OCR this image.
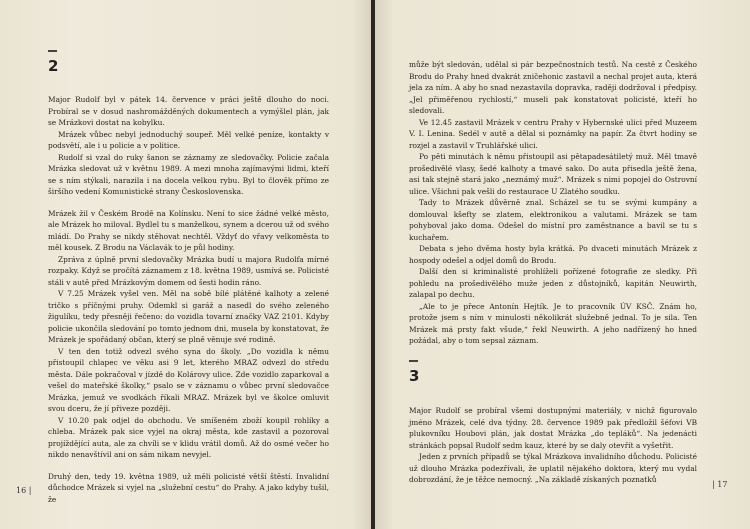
2

Major Rudolf byl v pátek 14. července v práci ještě dlouho do noci. Probíral se v dosud nashromážděných dokumentech a vymýšlel plán, jak se Mrázkovi dostat na kobylku.

Mrázek vůbec nebyl jednoduchý soupeř. Měl velké peníze, kontakty v podsvětí, ale i u policie a v politice.

Rudolf si vzal do ruky šanon se záznamy ze sledovačky. Policie začala Mrázka sledovat už v květnu 1989. A mezi mnoha zajímavými lidmi, kteří se s ním stýkali, narazila i na docela velkou rybu. Byl to člověk přímo ze širšího vedení Komunistické strany Československa.

Mrázek žil v Českém Brodě na Kolínsku. Není to sice žádné velké město, ale Mrázek ho miloval. Bydlel tu s manželkou, synem a dcerou už od svého mládí. Do Prahy se nikdy stěhovat nechtěl. Vždyť do vřavy velkoměsta to měl kousek. Z Brodu na Václavák to je půl hodiny.

Zpráva z úplně první sledovačky Mrázka budí u majora Rudolfa mírné rozpaky. Když se pročítá záznamem z 18. května 1989, usmívá se. Policisté stáli v autě před Mrázkovým domem od šesti hodin ráno.

V 7.25 Mrázek vyšel ven. Měl na sobě bílé plátěné kalhoty a zelené tričko s příčnými pruhy. Odemkl si garáž a nasedl do svého zeleného žigulíku, tedy přesněji řečeno: do vozidla tovarní značky VAZ 2101. Kdyby policie ukončila sledování po tomto jednom dni, musela by konstatovat, že Mrázek je spořádaný občan, který se plně věnuje své rodině.

V ten den totiž odvezl svého syna do školy. „Do vozidla k němu přistoupil chlapec ve věku asi 9 let, kterého MRAZ odvezl do středu města. Dále pokračoval v jízdě do Kolárovy ulice. Zde vozidlo zaparkoval a vešel do mateřské školky,“ psalo se v záznamu o vůbec první sledovačce Mrázka, jemuž ve svodkách říkali MRAZ. Mrázek byl ve školce omluvit svou dceru, že jí přiveze později.

V 10.20 pak odjel do obchodu. Ve smíšeném zboží koupil rohlíky a chleba. Mrázek pak sice vyjel na okraj města, kde zastavil a pozoroval projíždějící auta, ale za chvíli se v klidu vrátil domů. Až do osmé večer ho nikdo nenavštívil ani on sám nikam nevyjel.

Druhý den, tedy 19. května 1989, už měli policisté větší štěstí. Invalidní důchodce Mrázek si vyjel na „služební cestu“ do Prahy. A jako kdyby tušil, že

16 |

může být sledován, udělal si pár bezpečnostních testů. Na cestě z Českého Brodu do Prahy hned dvakrát zničehonic zastavil a nechal projet auta, která jela za ním. A aby ho snad nezastavila dopravka, raději dodržoval i předpisy. „Jel přiměřenou rychlostí,“ museli pak konstatovat policisté, kteří ho sledovali.

Ve 12.45 zastavil Mrázek v centru Prahy v Hybernské ulici před Muzeem V. I. Lenina. Sedél v autě a dělal si poznámky na papír. Za čtvrt hodiny se rozjel a zastavil v Truhlářské ulici.

Po pěti minutách k němu přistoupil asi pětapadesátiletý muž. Měl tmavě prošedivělé vlasy, šedé kalhoty a tmavé sako. Do auta přisedla ještě žena, asi tak stejně stará jako „neznámý muž“. Mrázek s nimi popojel do Ostrovní ulice. Všichni pak vešli do restaurace U Zlatého soudku.

Tady to Mrázek důvěrně znal. Scházel se tu se svými kumpány a domlouval kšefty se zlatem, elektronikou a valutami. Mrázek se tam pohyboval jako doma. Odešel do místní pro zaměstnance a bavil se tu s kuchařem.

Debata s jeho dvěma hosty byla krátká. Po dvaceti minutách Mrázek z hospody odešel a odjel domů do Brodu.

Další den si kriminalisté prohlíželi pořízené fotografie ze sledky. Při pohledu na prošedivělého muže jeden z důstojníků, kapitán Neuwirth, zalapal po dechu.

„Ale to je přece Antonín Hejtík. Je to pracovník ÚV KSČ. Znám ho, protože jsem s ním v minulosti několikrát služebně jednal. To je sila. Ten Mrázek má prsty fakt všude,“ řekl Neuwirth. A jeho nadřízený ho hned požádal, aby o tom sepsal záznam.

3

Major Rudolf se probíral všemi dostupnými materiály, v nichž figurovalo jméno Mrázek, celé dva týdny. 28. července 1989 pak předložil šéfovi VB plukovníku Houbovi plán, jak dostat Mrázka „do tepláků“. Na jedenácti stránkách popsal Rudolf sedm kauz, které by se daly otevřít a vyšetřit.

Jeden z prvních případů se týkal Mrázkova invalidního důchodu. Policisté už dlouho Mrázka podezřívali, že uplatil nějakého doktora, který mu vydal dobrozdání, že je těžce nemocný. „Na základě získaných poznatků

| 17
